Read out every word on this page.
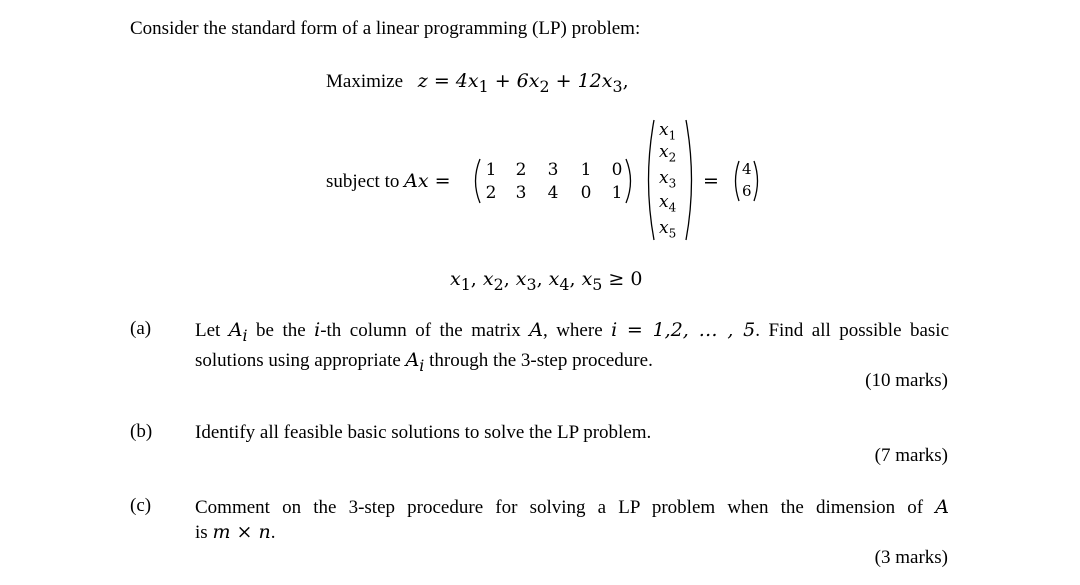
Consider the standard form of a linear programming (LP) problem:
Maximize $z = 4x_1 + 6x_2 + 12x_3$,
subject to Ax = 1 2 3 1 0
2 3 4 0 1
$x_1$
$x_2$
$x_3$
$x_4$
$x_5$
=
4
6
$x_1$, $x_2$, $x_3$, $x_4$, $x_5 \ge 0$
(a) Let $A_i$ be the i-th column of the matrix A, where i = 1,2, … , 5. Find all possible basic
solutions using appropriate $A_i$ through the 3-step procedure.
(10 marks)
(b) Identify all feasible basic solutions to solve the LP problem.
(7 marks)
(c) Comment on the 3-step procedure for solving a LP problem when the dimension of A
is m × n.
(3 marks)
